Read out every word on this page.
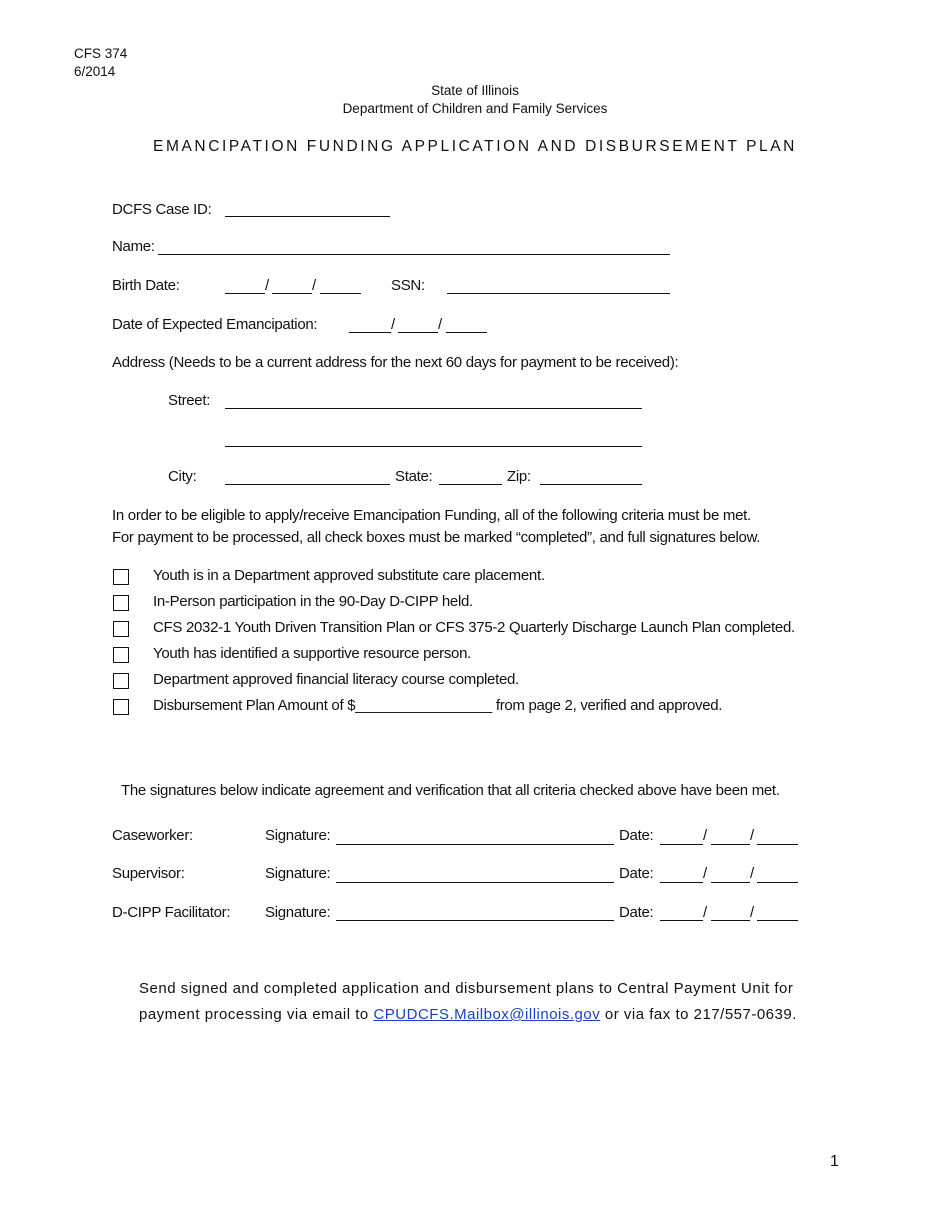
CFS 374
6/2014
State of Illinois
Department of Children and Family Services
EMANCIPATION FUNDING APPLICATION AND DISBURSEMENT PLAN
DCFS Case ID:
Name:
Birth Date:	/	/	SSN:
Date of Expected Emancipation:	/	/
Address (Needs to be a current address for the next 60 days for payment to be received):
Street:
City:	State:	Zip:
In order to be eligible to apply/receive Emancipation Funding, all of the following criteria must be met.
For payment to be processed, all check boxes must be marked “completed”, and full signatures below.
Youth is in a Department approved substitute care placement.
In-Person participation in the 90-Day D-CIPP held.
CFS 2032-1 Youth Driven Transition Plan or CFS 375-2 Quarterly Discharge Launch Plan completed.
Youth has identified a supportive resource person.
Department approved financial literacy course completed.
Disbursement Plan Amount of $_________________ from page 2, verified and approved.
The signatures below indicate agreement and verification that all criteria checked above have been met.
Caseworker:	Signature:	Date:	/	/
Supervisor:	Signature:	Date:	/	/
D-CIPP Facilitator: Signature:	Date:	/	/
Send signed and completed application and disbursement plans to Central Payment Unit for
payment processing via email to CPUDCFS.Mailbox@illinois.gov or via fax to 217/557-0639.
1
